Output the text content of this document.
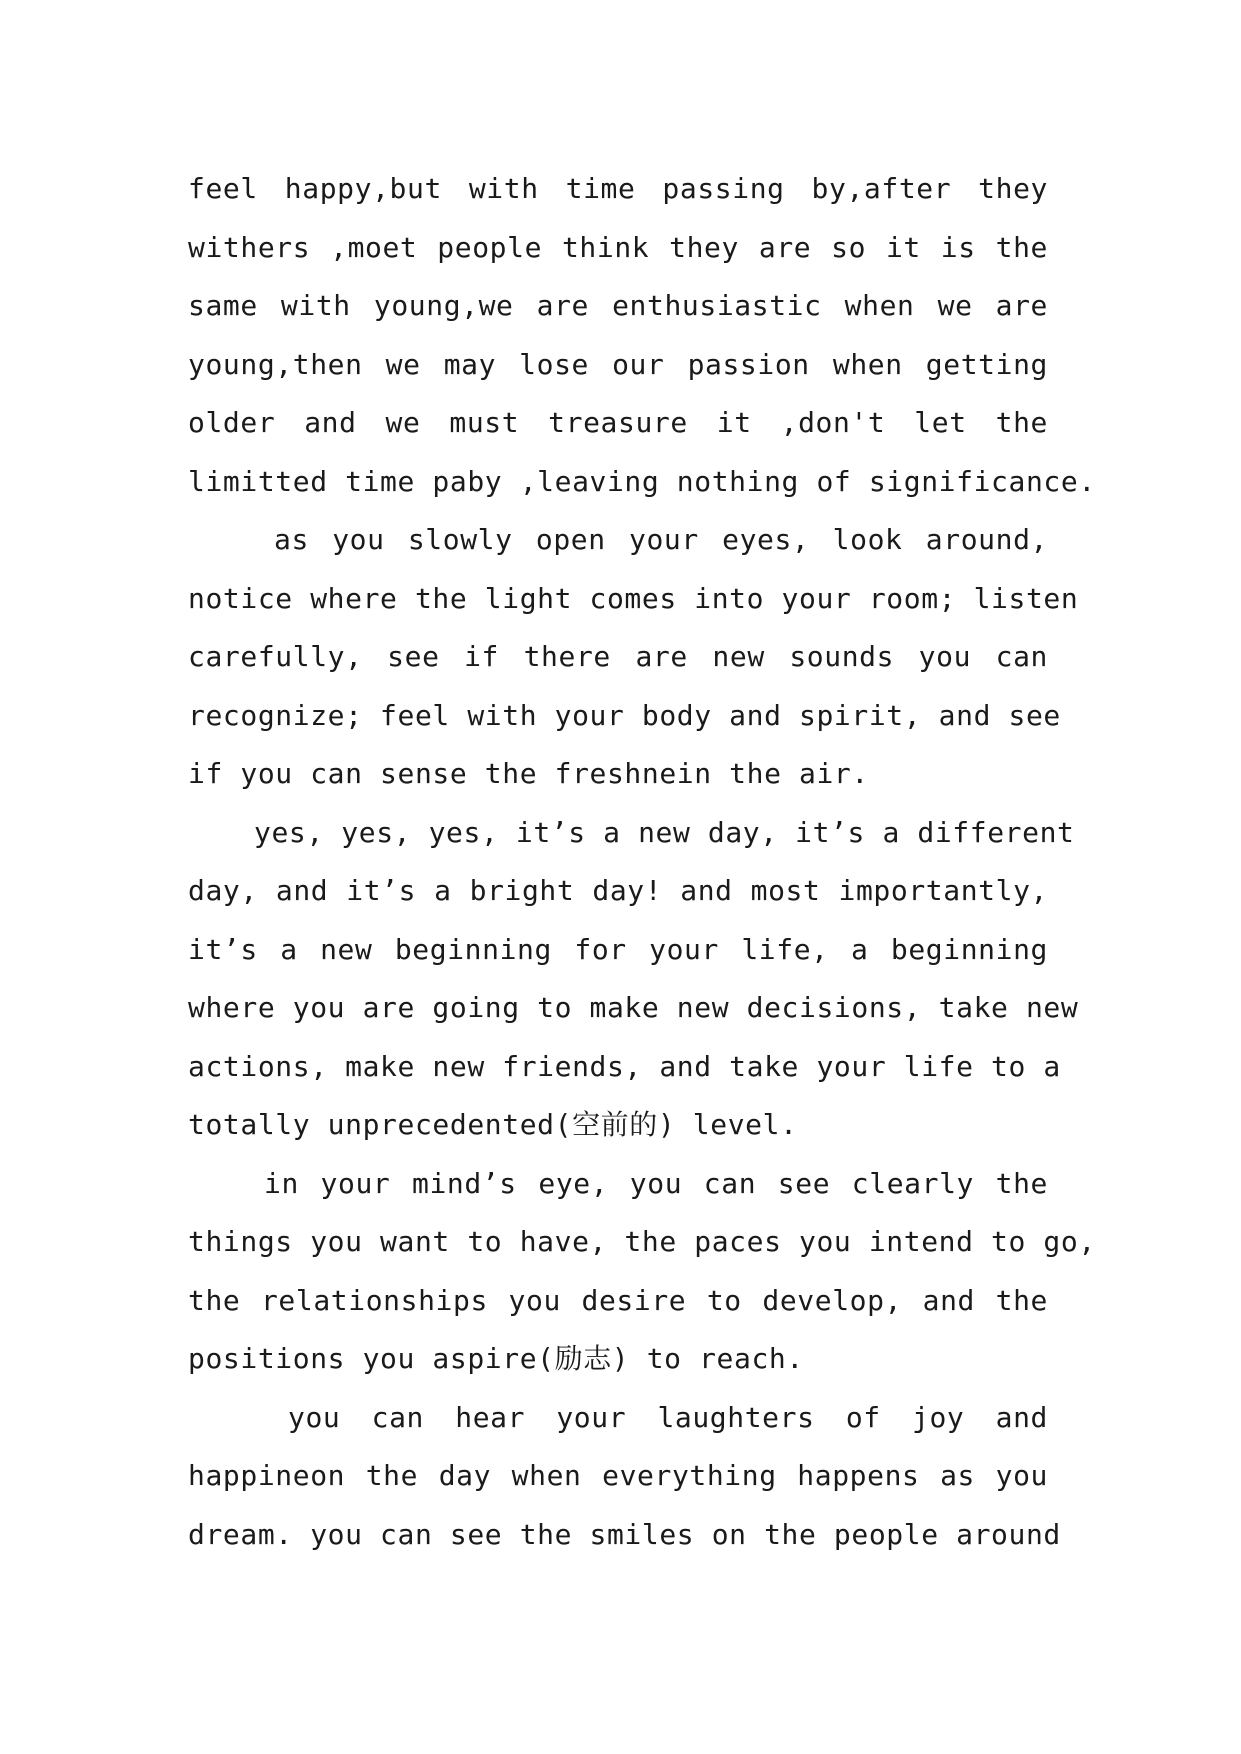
feel happy,but with time passing by,after they
withers ,moet people think they are so it is the
same with young,we are enthusiastic when we are
young,then we may lose our passion when getting
older and we must treasure it ,don't let the
limitted time paby ,leaving nothing of significance.
as you slowly open your eyes, look around,
notice where the light comes into your room; listen
carefully, see if there are new sounds you can
recognize; feel with your body and spirit, and see
if you can sense the freshnein the air.
yes, yes, yes, it’s a new day, it’s a different
day, and it’s a bright day! and most importantly,
it’s a new beginning for your life, a beginning
where you are going to make new decisions, take new
actions, make new friends, and take your life to a
totally unprecedented(空前的) level.
in your mind’s eye, you can see clearly the
things you want to have, the paces you intend to go,
the relationships you desire to develop, and the
positions you aspire(励志) to reach.
you can hear your laughters of joy and
happineon the day when everything happens as you
dream. you can see the smiles on the people around
